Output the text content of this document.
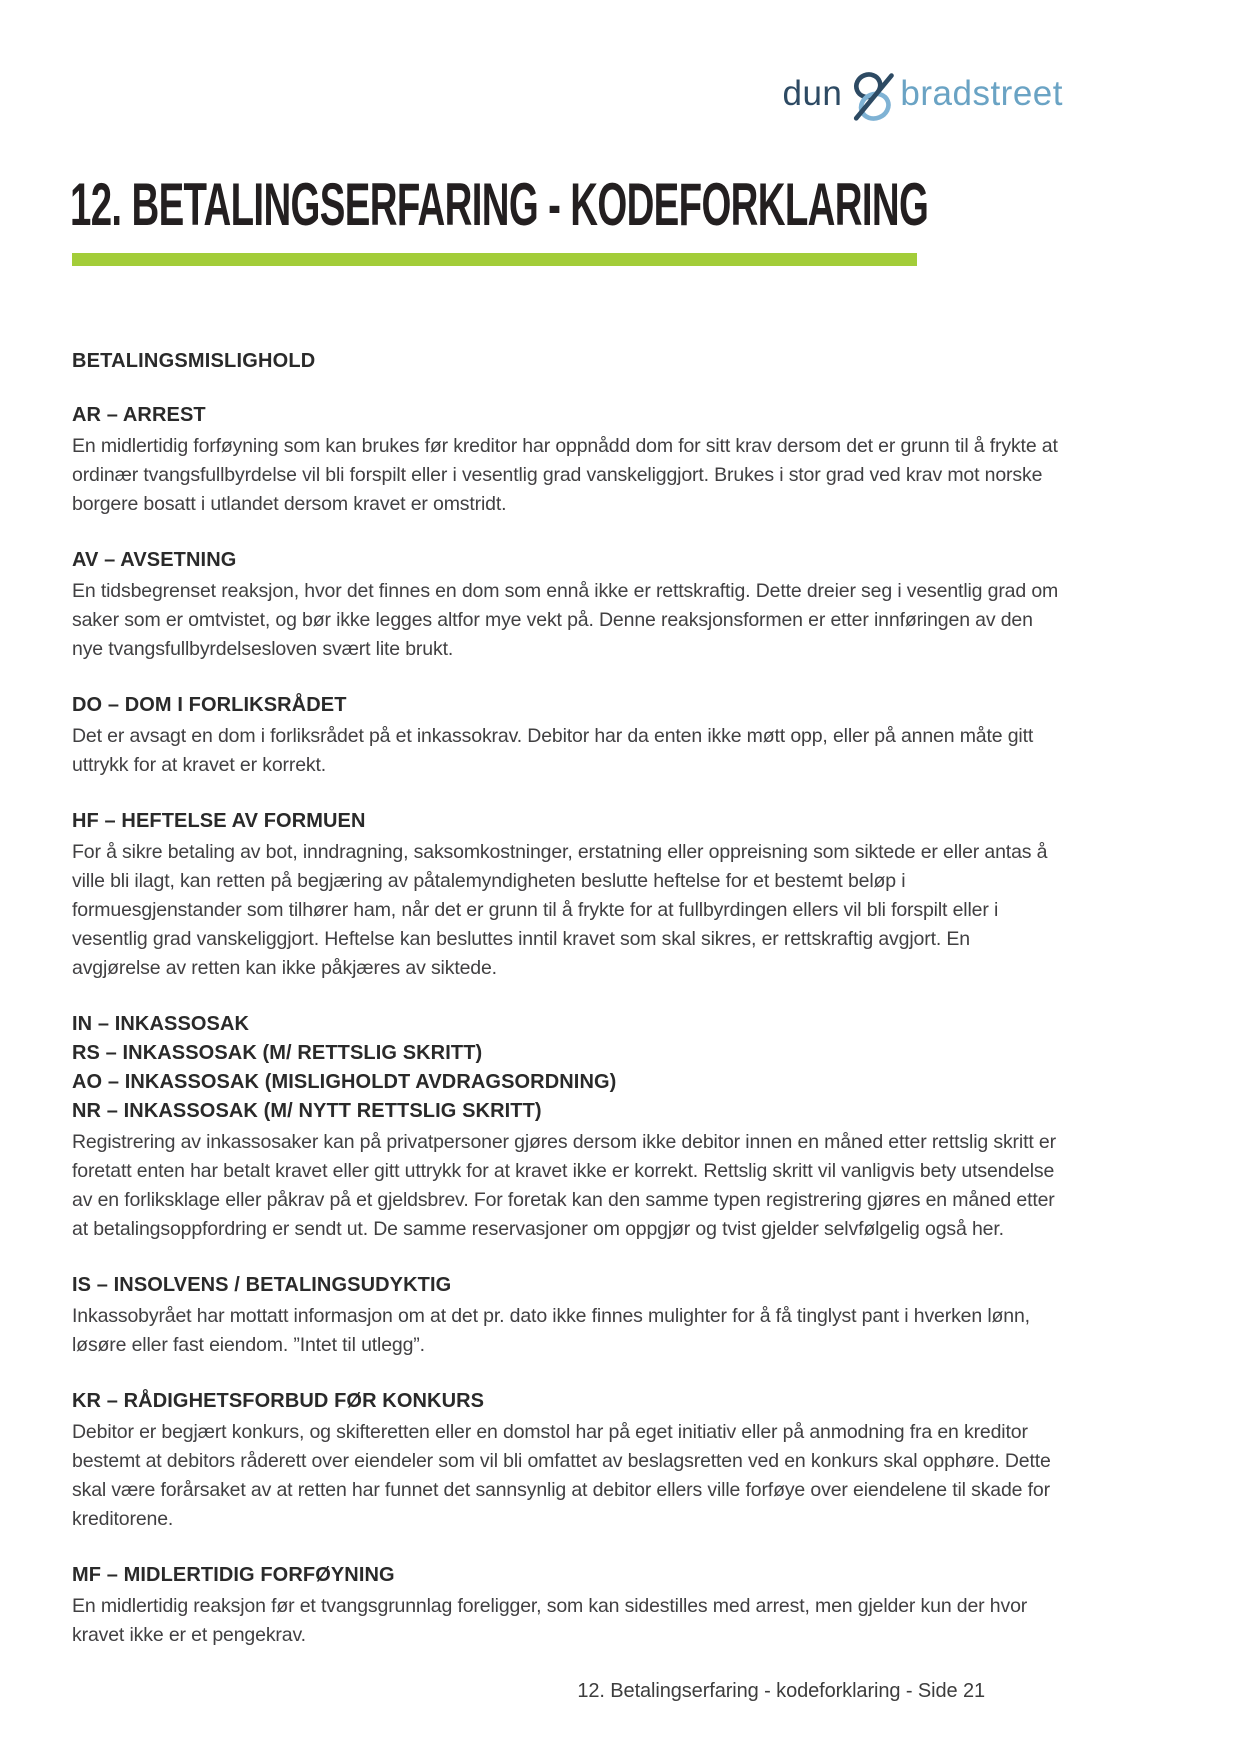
dun bradstreet
12. BETALINGSERFARING - KODEFORKLARING
BETALINGSMISLIGHOLD
AR – ARREST

En midlertidig forføyning som kan brukes før kreditor har oppnådd dom for sitt krav dersom det er grunn til å frykte at ordinær tvangsfullbyrdelse vil bli forspilt eller i vesentlig grad vanskeliggjort. Brukes i stor grad ved krav mot norske borgere bosatt i utlandet dersom kravet er omstridt.

AV – AVSETNING

En tidsbegrenset reaksjon, hvor det finnes en dom som ennå ikke er rettskraftig. Dette dreier seg i vesentlig grad om saker som er omtvistet, og bør ikke legges altfor mye vekt på. Denne reaksjonsformen er etter innføringen av den nye tvangsfullbyrdelsesloven svært lite brukt.

DO – DOM I FORLIKSRÅDET

Det er avsagt en dom i forliksrådet på et inkassokrav. Debitor har da enten ikke møtt opp, eller på annen måte gitt uttrykk for at kravet er korrekt.

HF – HEFTELSE AV FORMUEN

For å sikre betaling av bot, inndragning, saksomkostninger, erstatning eller oppreisning som siktede er eller antas å ville bli ilagt, kan retten på begjæring av påtalemyndigheten beslutte heftelse for et bestemt beløp i formuesgjenstander som tilhører ham, når det er grunn til å frykte for at fullbyrdingen ellers vil bli forspilt eller i vesentlig grad vanskeliggjort. Heftelse kan besluttes inntil kravet som skal sikres, er rettskraftig avgjort. En avgjørelse av retten kan ikke påkjæres av siktede.

IN – INKASSOSAK
RS – INKASSOSAK (M/ RETTSLIG SKRITT)
AO – INKASSOSAK (MISLIGHOLDT AVDRAGSORDNING)
NR – INKASSOSAK (M/ NYTT RETTSLIG SKRITT)

Registrering av inkassosaker kan på privatpersoner gjøres dersom ikke debitor innen en måned etter rettslig skritt er foretatt enten har betalt kravet eller gitt uttrykk for at kravet ikke er korrekt. Rettslig skritt vil vanligvis bety utsendelse av en forliksklage eller påkrav på et gjeldsbrev. For foretak kan den samme typen registrering gjøres en måned etter at betalingsoppfordring er sendt ut. De samme reservasjoner om oppgjør og tvist gjelder selvfølgelig også her.

IS – INSOLVENS / BETALINGSUDYKTIG

Inkassobyrået har mottatt informasjon om at det pr. dato ikke finnes mulighter for å få tinglyst pant i hverken lønn, løsøre eller fast eiendom. ”Intet til utlegg”.

KR – RÅDIGHETSFORBUD FØR KONKURS

Debitor er begjært konkurs, og skifteretten eller en domstol har på eget initiativ eller på anmodning fra en kreditor bestemt at debitors råderett over eiendeler som vil bli omfattet av beslagsretten ved en konkurs skal opphøre. Dette skal være forårsaket av at retten har funnet det sannsynlig at debitor ellers ville forføye over eiendelene til skade for kreditorene.

MF – MIDLERTIDIG FORFØYNING

En midlertidig reaksjon før et tvangsgrunnlag foreligger, som kan sidestilles med arrest, men gjelder kun der hvor kravet ikke er et pengekrav.

12. Betalingserfaring - kodeforklaring - Side 21
